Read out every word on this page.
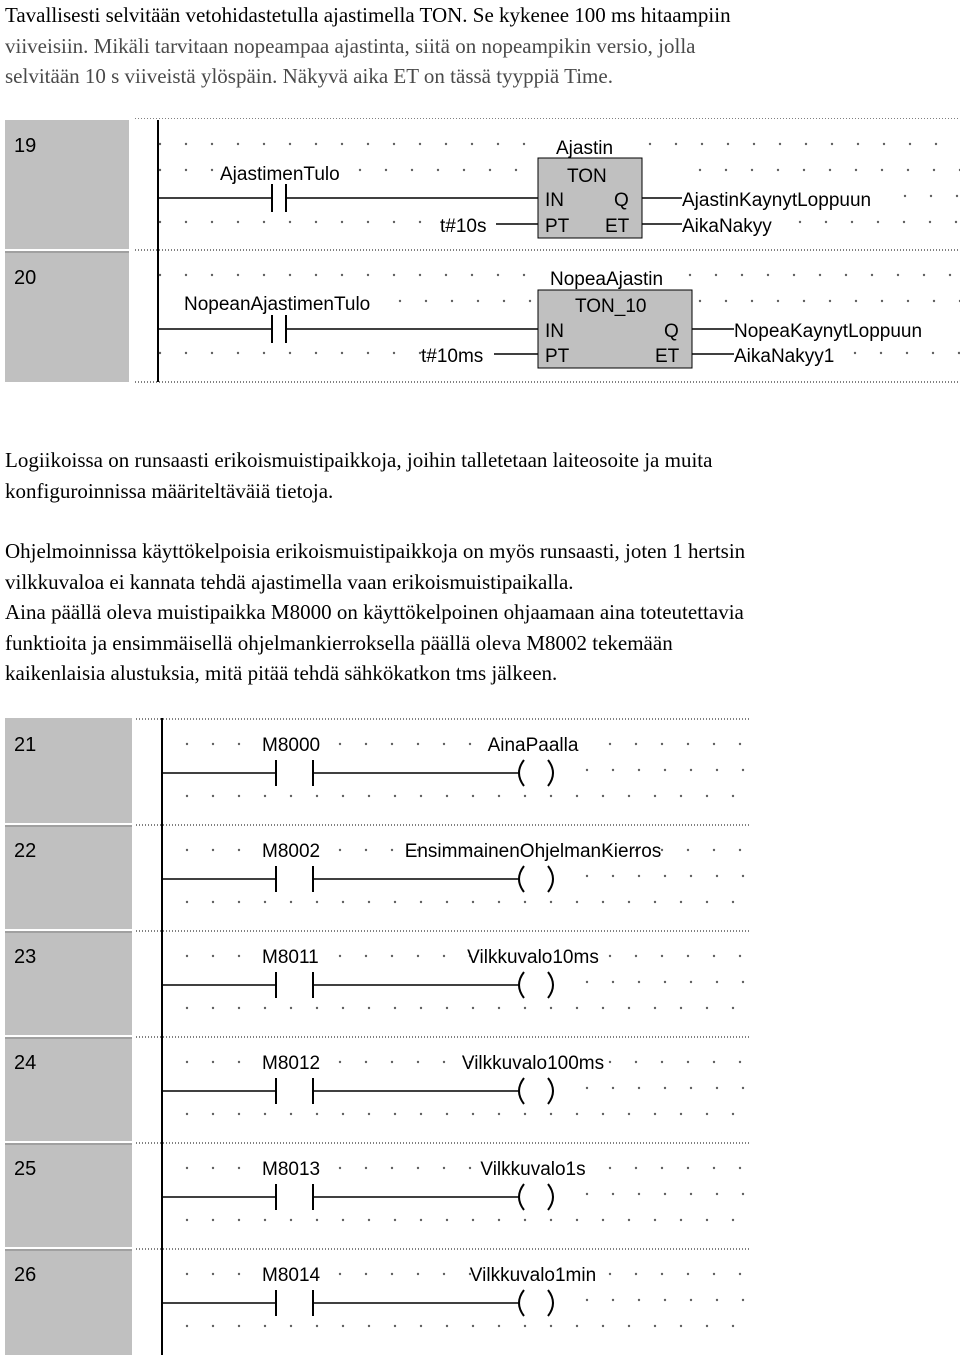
Tavallisesti selvitään vetohidastetulla ajastimella TON. Se kykenee 100 ms hitaampiin
viiveisiin. Mikäli tarvitaan nopeampaa ajastinta, siitä on nopeampikin versio, jolla
selvitään 10 s viiveistä ylöspäin. Näkyvä aika ET on tässä tyyppiä Time.
19
AjastimenTulo
t#10s
Ajastin
TON
IN
PT
Q
ET
AjastinKaynytLoppuun
AikaNakyy
20
NopeanAjastimenTulo
t#10ms
NopeaAjastin
TON_10
IN
PT
Q
ET
NopeaKaynytLoppuun
AikaNakyy1
Logiikoissa on runsaasti erikoismuistipaikkoja, joihin talletetaan laiteosoite ja muita
konfiguroinnissa määriteltäväiä tietoja.
Ohjelmoinnissa käyttökelpoisia erikoismuistipaikkoja on myös runsaasti, joten 1 hertsin
vilkkuvaloa ei kannata tehdä ajastimella vaan erikoismuistipaikalla.
Aina päällä oleva muistipaikka M8000 on käyttökelpoinen ohjaamaan aina toteutettavia
funktioita ja ensimmäisellä ohjelmankierroksella päällä oleva M8002 tekemään
kaikenlaisia alustuksia, mitä pitää tehdä sähkökatkon tms jälkeen.
21	M8000	AinaPaalla
22	M8002	EnsimmainenOhjelmanKierros
23	M8011	Vilkkuvalo10ms
24	M8012	Vilkkuvalo100ms
25	M8013	Vilkkuvalo1s
26	M8014	Vilkkuvalo1min
